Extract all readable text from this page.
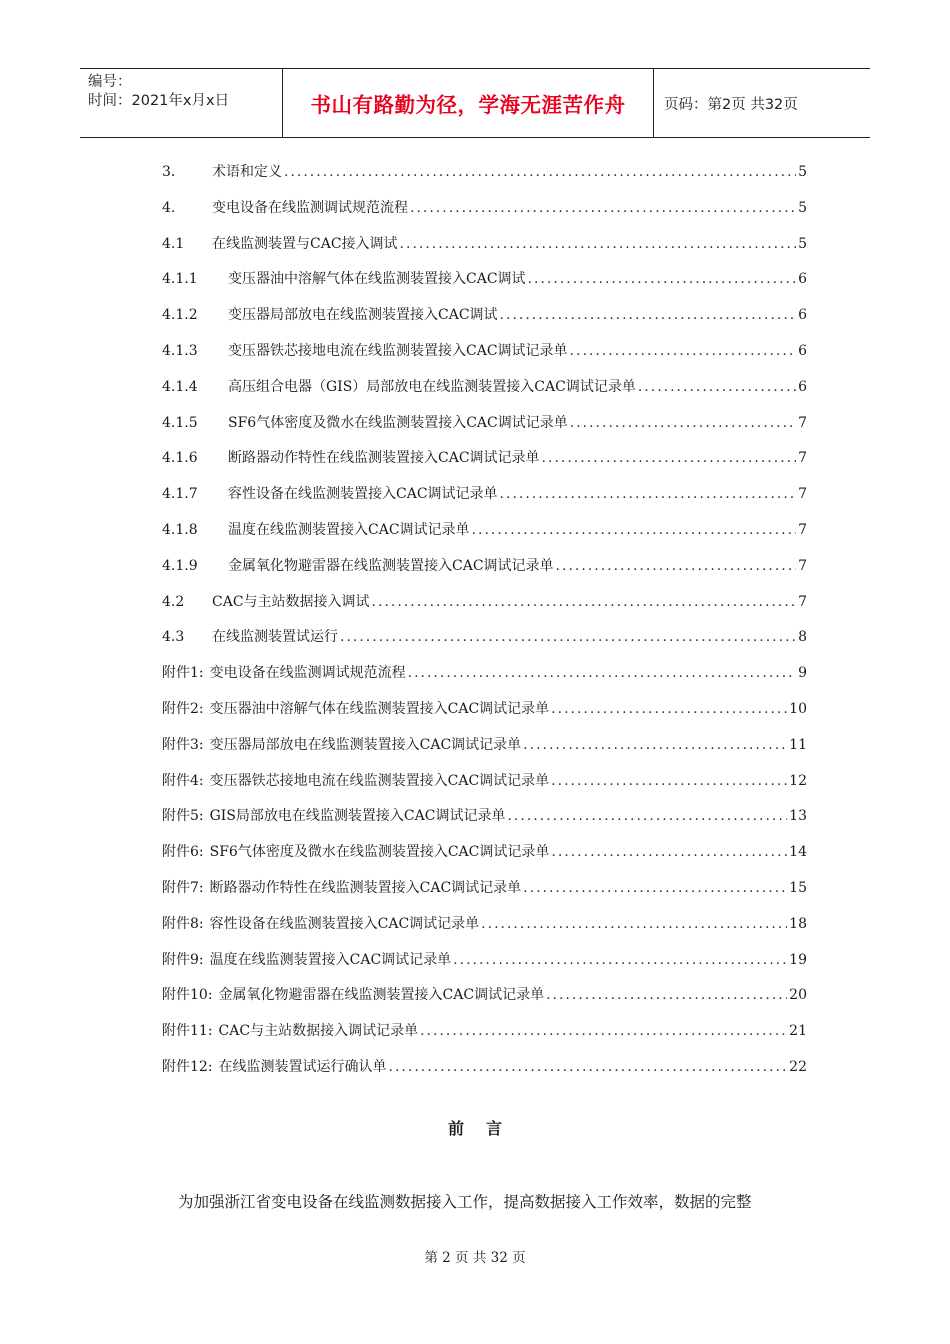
编号：
时间：2021年x月x日	书山有路勤为径，学海无涯苦作舟	页码：第2页 共32页
3.	术语和定义 .....	5
4.	变电设备在线监测调试规范流程 .....	5
4.1	在线监测装置与CAC接入调试 .....	5
4.1.1	变压器油中溶解气体在线监测装置接入CAC调试 .....	6
4.1.2	变压器局部放电在线监测装置接入CAC调试 .....	6
4.1.3	变压器铁芯接地电流在线监测装置接入CAC调试记录单 .....	6
4.1.4	高压组合电器（GIS）局部放电在线监测装置接入CAC调试记录单 .....	6
4.1.5	SF6气体密度及微水在线监测装置接入CAC调试记录单 .....	7
4.1.6	断路器动作特性在线监测装置接入CAC调试记录单 .....	7
4.1.7	容性设备在线监测装置接入CAC调试记录单 .....	7
4.1.8	温度在线监测装置接入CAC调试记录单 .....	7
4.1.9	金属氧化物避雷器在线监测装置接入CAC调试记录单 .....	7
4.2	CAC与主站数据接入调试 .....	7
4.3	在线监测装置试运行 .....	8
附件1: 变电设备在线监测调试规范流程 .....	9
附件2: 变压器油中溶解气体在线监测装置接入CAC调试记录单 .....	10
附件3: 变压器局部放电在线监测装置接入CAC调试记录单 .....	11
附件4: 变压器铁芯接地电流在线监测装置接入CAC调试记录单 .....	12
附件5: GIS局部放电在线监测装置接入CAC调试记录单 .....	13
附件6: SF6气体密度及微水在线监测装置接入CAC调试记录单 .....	14
附件7: 断路器动作特性在线监测装置接入CAC调试记录单 .....	15
附件8: 容性设备在线监测装置接入CAC调试记录单 .....	18
附件9: 温度在线监测装置接入CAC调试记录单 .....	19
附件10: 金属氧化物避雷器在线监测装置接入CAC调试记录单 .....	20
附件11: CAC与主站数据接入调试记录单 .....	21
附件12: 在线监测装置试运行确认单 .....	22
前言
为加强浙江省变电设备在线监测数据接入工作，提高数据接入工作效率，数据的完整
第 2 页 共 32 页
